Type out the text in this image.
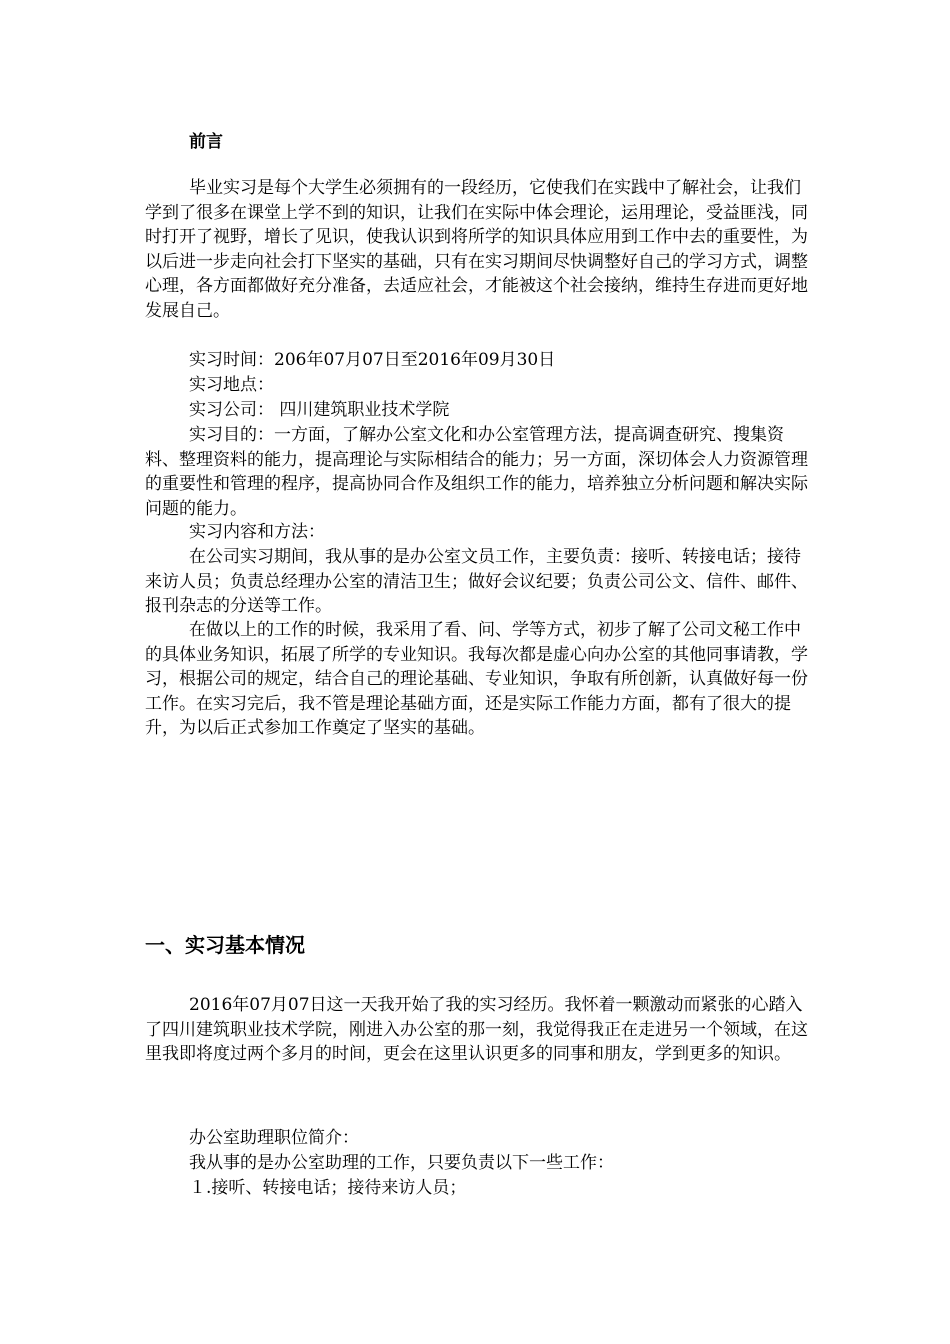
前言

毕业实习是每个大学生必须拥有的一段经历，它使我们在实践中了解社会，让我们学到了很多在课堂上学不到的知识，让我们在实际中体会理论，运用理论，受益匪浅，同时打开了视野，增长了见识，使我认识到将所学的知识具体应用到工作中去的重要性，为以后进一步走向社会打下坚实的基础，只有在实习期间尽快调整好自己的学习方式，调整心理，各方面都做好充分准备，去适应社会，才能被这个社会接纳，维持生存进而更好地发展自己。

实习时间：206年07月07日至2016年09月30日

实习地点：

实习公司： 四川建筑职业技术学院

实习目的：一方面，了解办公室文化和办公室管理方法，提高调查研究、搜集资料、整理资料的能力，提高理论与实际相结合的能力；另一方面，深切体会人力资源管理的重要性和管理的程序，提高协同合作及组织工作的能力，培养独立分析问题和解决实际问题的能力。

实习内容和方法：

在公司实习期间，我从事的是办公室文员工作，主要负责：接听、转接电话；接待来访人员；负责总经理办公室的清洁卫生；做好会议纪要；负责公司公文、信件、邮件、报刊杂志的分送等工作。

在做以上的工作的时候，我采用了看、问、学等方式，初步了解了公司文秘工作中的具体业务知识，拓展了所学的专业知识。我每次都是虚心向办公室的其他同事请教，学习，根据公司的规定，结合自己的理论基础、专业知识，争取有所创新，认真做好每一份工作。在实习完后，我不管是理论基础方面，还是实际工作能力方面，都有了很大的提升，为以后正式参加工作奠定了坚实的基础。

一、实习基本情况

2016年07月07日这一天我开始了我的实习经历。我怀着一颗激动而紧张的心踏入了四川建筑职业技术学院，刚进入办公室的那一刻，我觉得我正在走进另一个领域，在这里我即将度过两个多月的时间，更会在这里认识更多的同事和朋友，学到更多的知识。

办公室助理职位简介：

我从事的是办公室助理的工作，只要负责以下一些工作：

１.接听、转接电话；接待来访人员；
